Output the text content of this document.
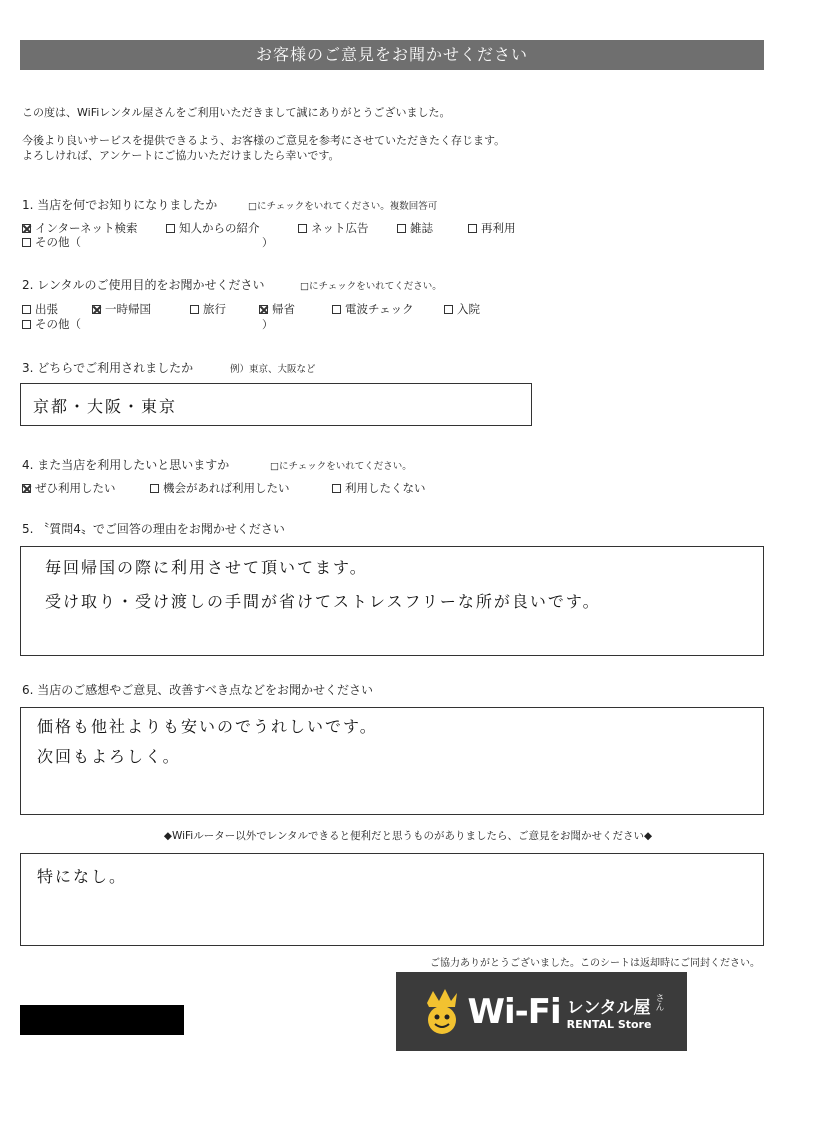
お客様のご意見をお聞かせください
この度は、WiFiレンタル屋さんをご利用いただきまして誠にありがとうございました。
今後より良いサービスを提供できるよう、お客様のご意見を参考にさせていただきたく存じます。
よろしければ、アンケートにご協力いただけましたら幸いです。
1. 当店を何でお知りになりましたか	□にチェックをいれてください。複数回答可
インターネット検索	知人からの紹介	ネット広告	雑誌	再利用
その他（	）
2. レンタルのご使用目的をお聞かせください	□にチェックをいれてください。
出張	一時帰国	旅行	帰省	電波チェック	入院
その他（	）
3. どちらでご利用されましたか	例）東京、大阪など
京都・大阪・東京
4. また当店を利用したいと思いますか	□にチェックをいれてください。
ぜひ利用したい	機会があれば利用したい	利用したくない
5. 〝質問4〟でご回答の理由をお聞かせください
毎回帰国の際に利用させて頂いてます。
受け取り・受け渡しの手間が省けてストレスフリーな所が良いです。
6. 当店のご感想やご意見、改善すべき点などをお聞かせください
価格も他社よりも安いのでうれしいです。
次回もよろしく。
◆WiFiルーター以外でレンタルできると便利だと思うものがありましたら、ご意見をお聞かせください◆
特になし。
ご協力ありがとうございました。このシートは返却時にご同封ください。
Wi-Fi レンタル屋 さん
RENTAL Store
